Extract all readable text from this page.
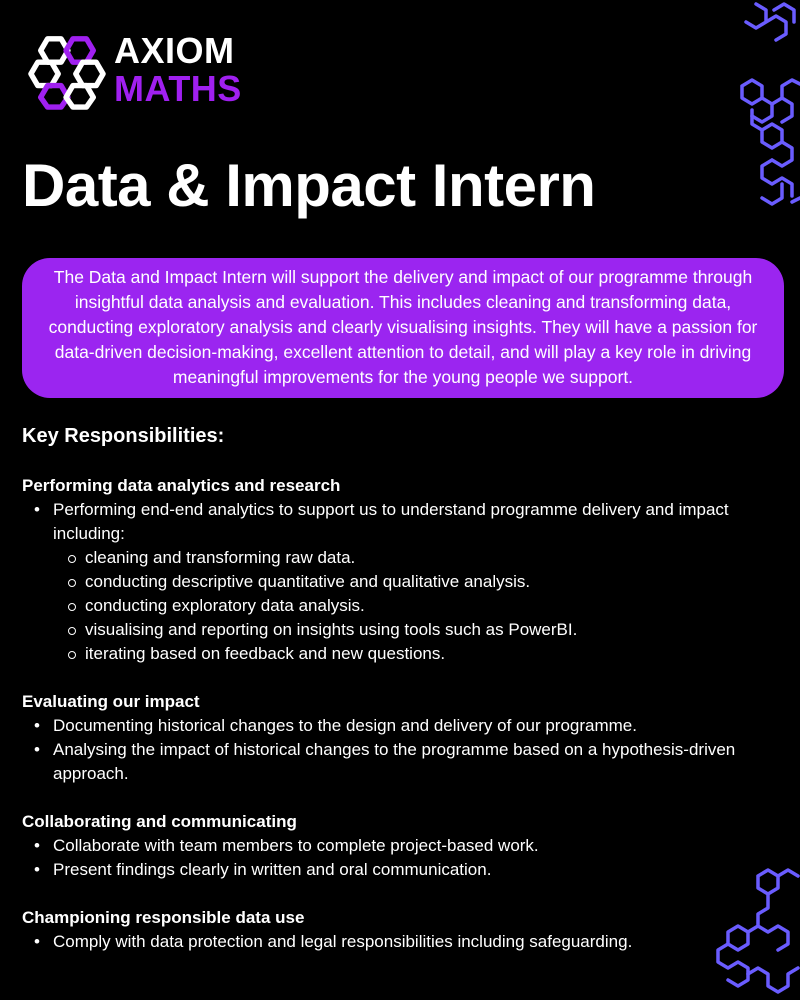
AXIOM
MATHS
Data & Impact Intern
The Data and Impact Intern will support the delivery and impact of our programme through insightful data analysis and evaluation. This includes cleaning and transforming data, conducting exploratory analysis and clearly visualising insights. They will have a passion for data-driven decision-making, excellent attention to detail, and will play a key role in driving meaningful improvements for the young people we support.
Key Responsibilities:
Performing data analytics and research
• Performing end-end analytics to support us to understand programme delivery and impact including:
cleaning and transforming raw data.
conducting descriptive quantitative and qualitative analysis.
conducting exploratory data analysis.
visualising and reporting on insights using tools such as PowerBI.
iterating based on feedback and new questions.
Evaluating our impact
• Documenting historical changes to the design and delivery of our programme.
• Analysing the impact of historical changes to the programme based on a hypothesis-driven approach.
Collaborating and communicating
• Collaborate with team members to complete project-based work.
• Present findings clearly in written and oral communication.
Championing responsible data use
• Comply with data protection and legal responsibilities including safeguarding.
